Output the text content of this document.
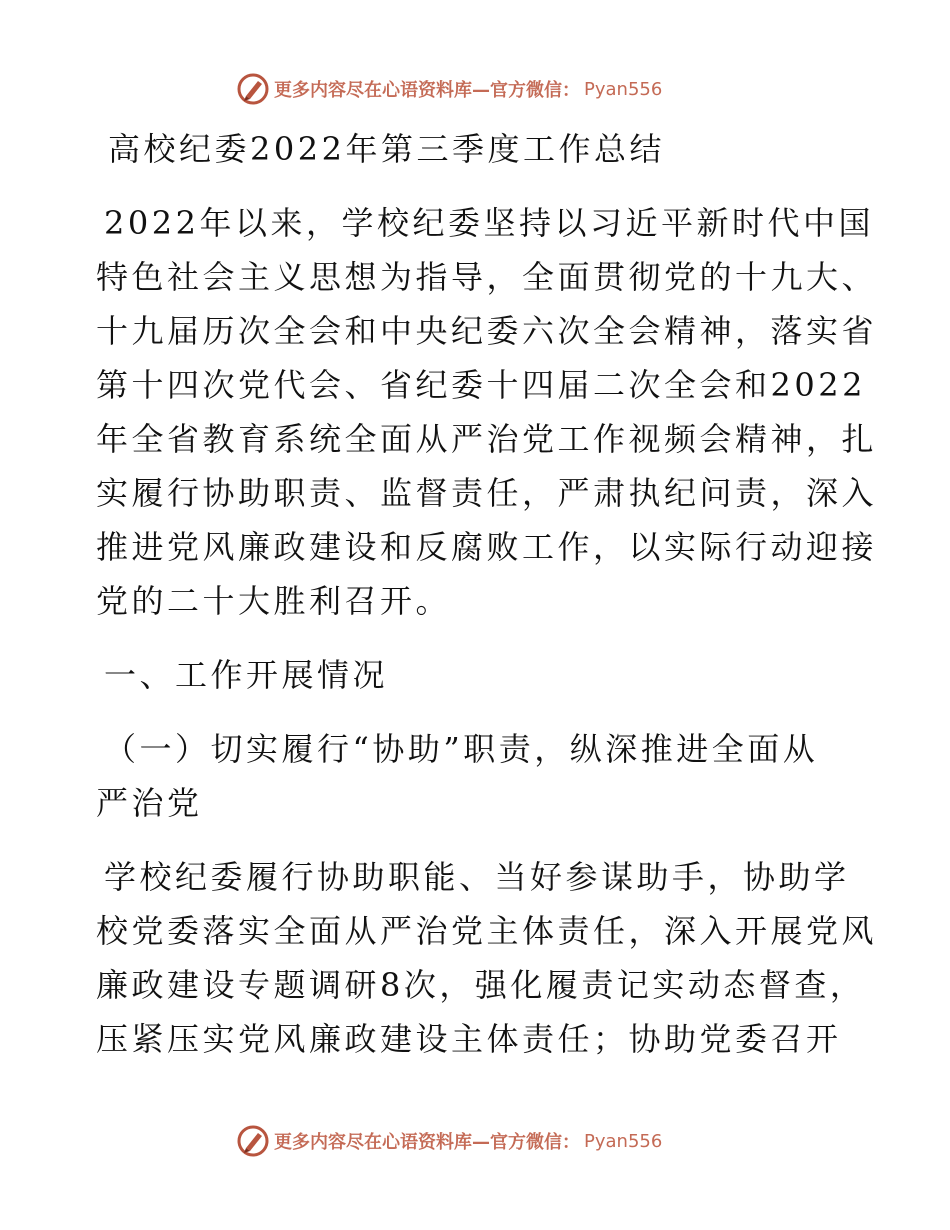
更多内容尽在心语资料库—官方微信： Pyan556
高校纪委2022年第三季度工作总结
2022年以来，学校纪委坚持以习近平新时代中国
特色社会主义思想为指导，全面贯彻党的十九大、
十九届历次全会和中央纪委六次全会精神，落实省
第十四次党代会、省纪委十四届二次全会和2022
年全省教育系统全面从严治党工作视频会精神，扎
实履行协助职责、监督责任，严肃执纪问责，深入
推进党风廉政建设和反腐败工作，以实际行动迎接
党的二十大胜利召开。
一、工作开展情况
（一）切实履行“协助”职责，纵深推进全面从
严治党
学校纪委履行协助职能、当好参谋助手，协助学
校党委落实全面从严治党主体责任，深入开展党风
廉政建设专题调研8次，强化履责记实动态督查，
压紧压实党风廉政建设主体责任；协助党委召开
更多内容尽在心语资料库—官方微信： Pyan556
